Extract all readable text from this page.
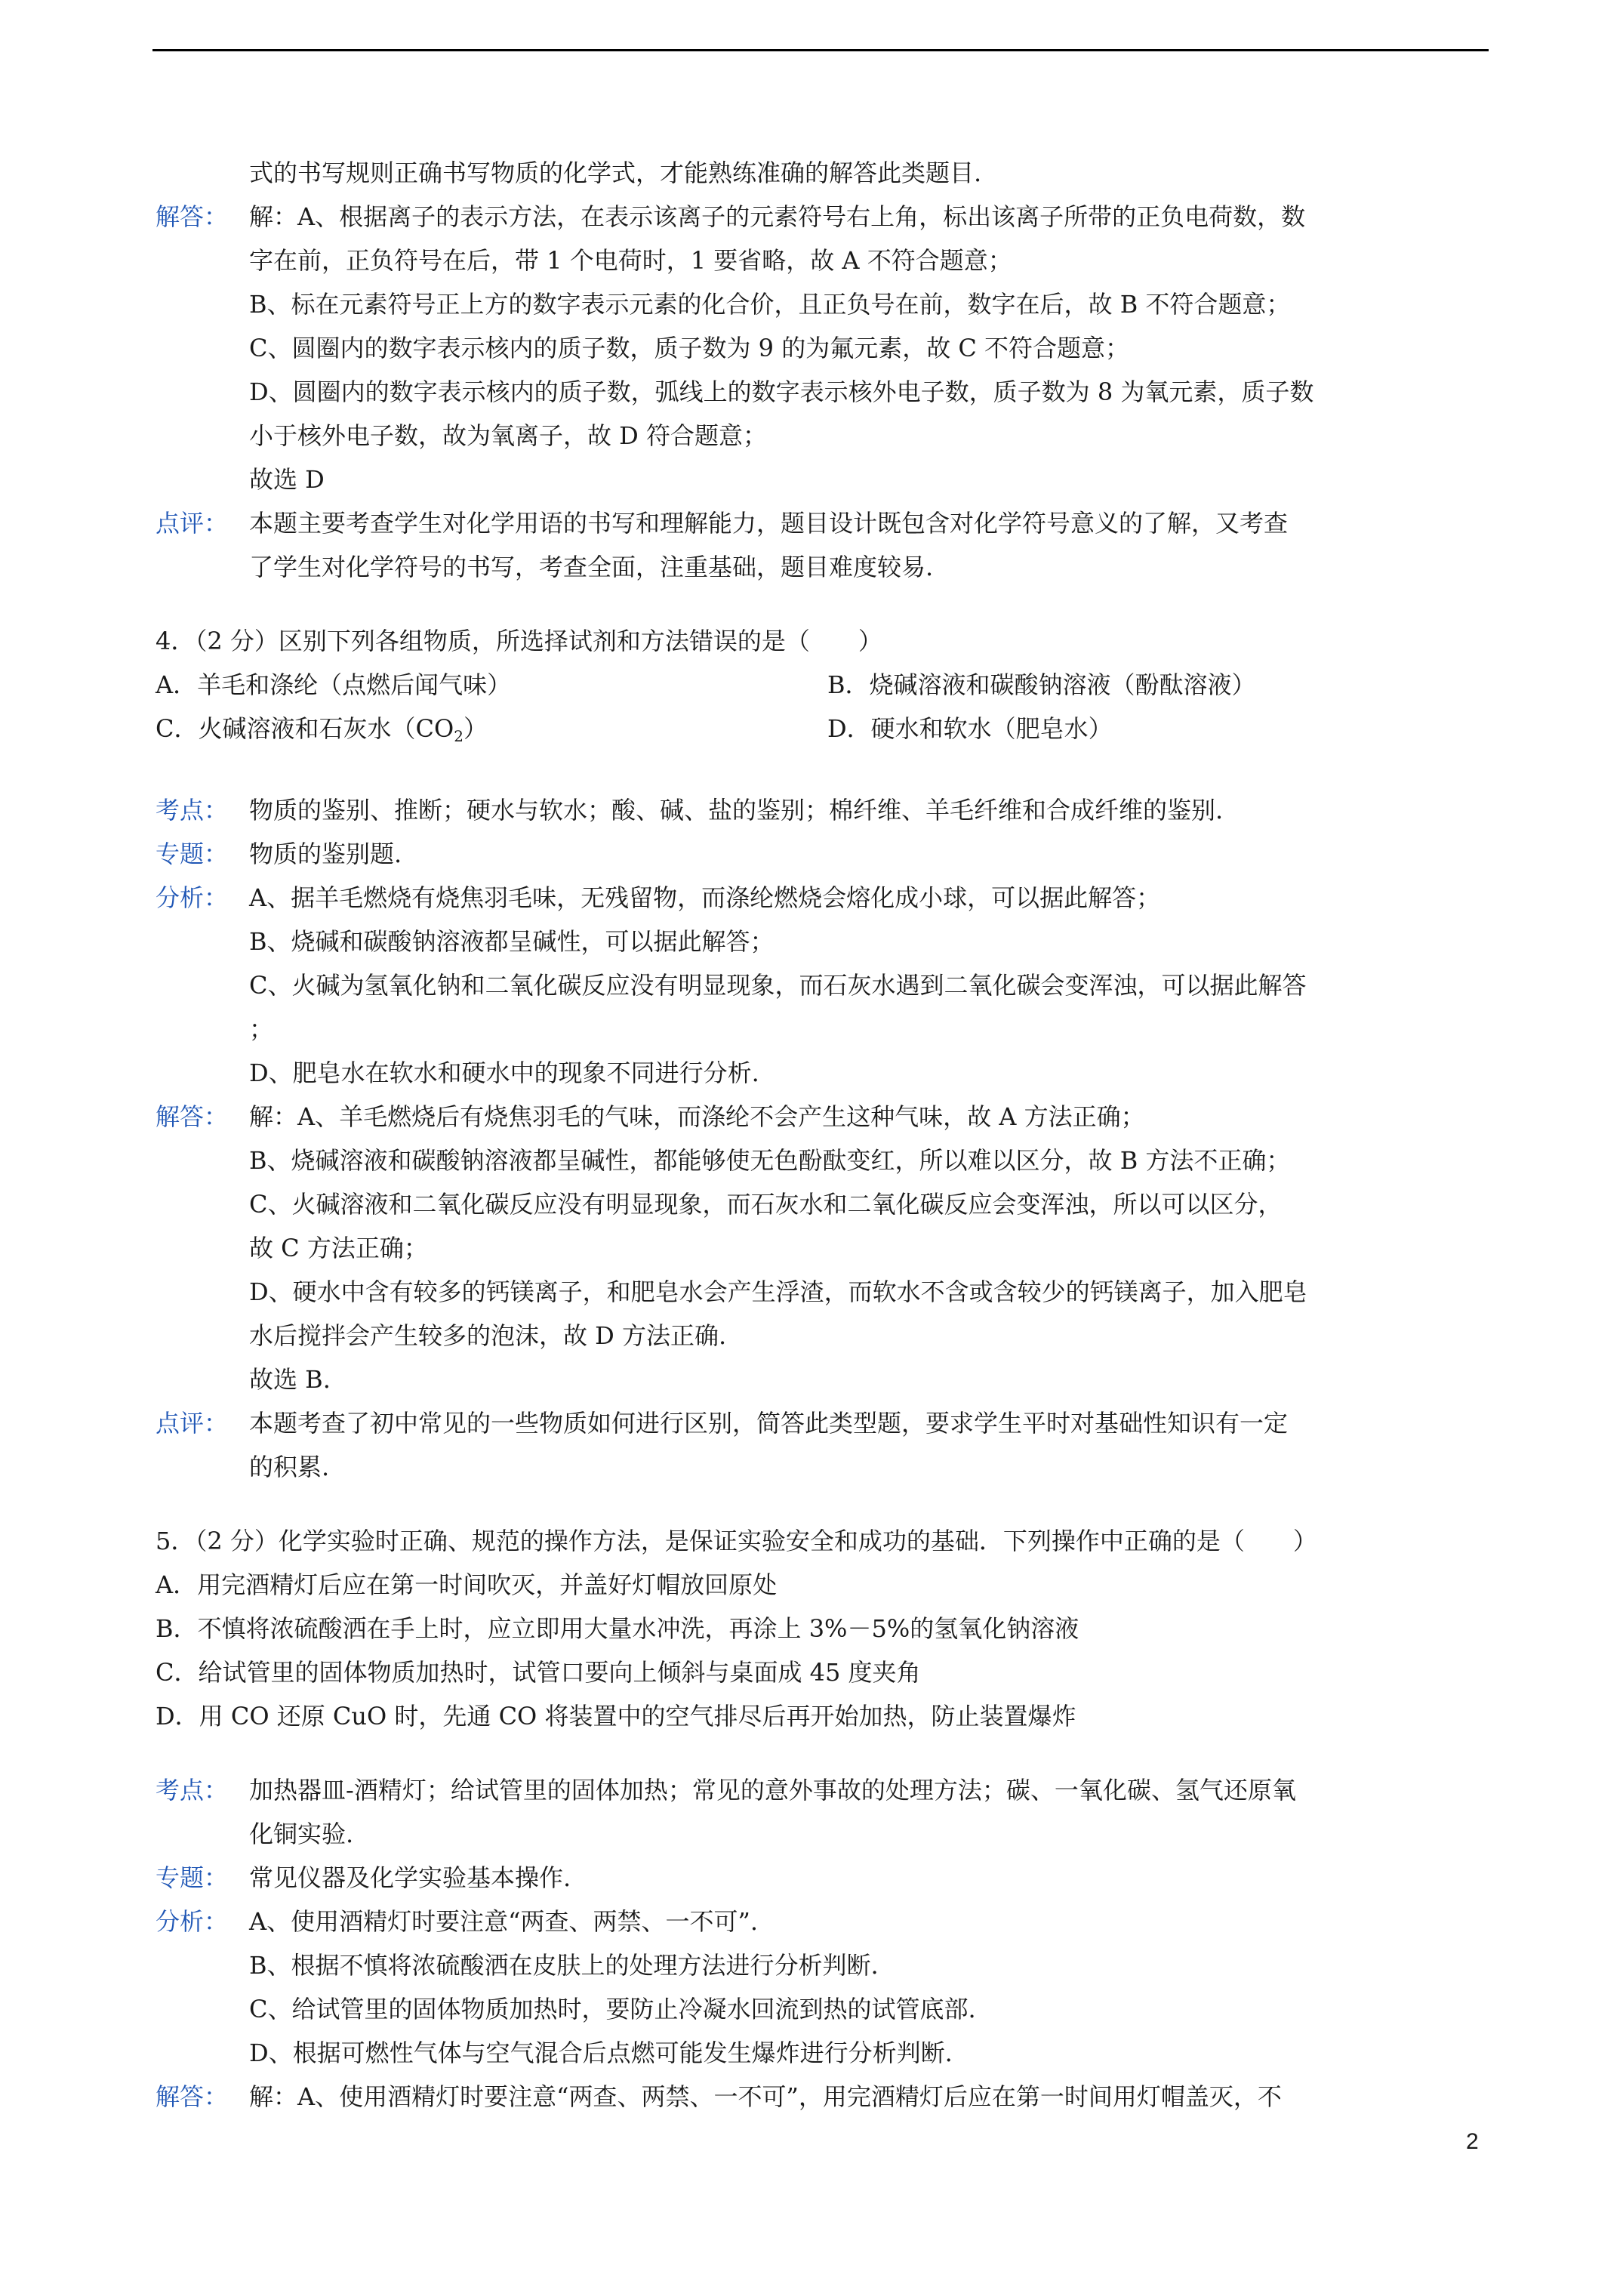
式的书写规则正确书写物质的化学式，才能熟练准确的解答此类题目.
解答： 解：A、根据离子的表示方法，在表示该离子的元素符号右上角，标出该离子所带的正负电荷数，数
字在前，正负符号在后，带 1 个电荷时，1 要省略，故 A 不符合题意；
B、标在元素符号正上方的数字表示元素的化合价，且正负号在前，数字在后，故 B 不符合题意；
C、圆圈内的数字表示核内的质子数，质子数为 9 的为氟元素，故 C 不符合题意；
D、圆圈内的数字表示核内的质子数，弧线上的数字表示核外电子数，质子数为 8 为氧元素，质子数
小于核外电子数，故为氧离子，故 D 符合题意；
故选 D
点评： 本题主要考查学生对化学用语的书写和理解能力，题目设计既包含对化学符号意义的了解，又考查
了学生对化学符号的书写，考查全面，注重基础，题目难度较易.
4．（2 分）区别下列各组物质，所选择试剂和方法错误的是（　　）
A．羊毛和涤纶（点燃后闻气味）	B．烧碱溶液和碳酸钠溶液（酚酞溶液）
C．火碱溶液和石灰水$(CO_2)$	D．硬水和软水（肥皂水）
考点： 物质的鉴别、推断；硬水与软水；酸、碱、盐的鉴别；棉纤维、羊毛纤维和合成纤维的鉴别.
专题： 物质的鉴别题.
分析： A、据羊毛燃烧有烧焦羽毛味，无残留物，而涤纶燃烧会熔化成小球，可以据此解答；
B、烧碱和碳酸钠溶液都呈碱性，可以据此解答；
C、火碱为氢氧化钠和二氧化碳反应没有明显现象，而石灰水遇到二氧化碳会变浑浊，可以据此解答
；
D、肥皂水在软水和硬水中的现象不同进行分析.
解答： 解：A、羊毛燃烧后有烧焦羽毛的气味，而涤纶不会产生这种气味，故 A 方法正确；
B、烧碱溶液和碳酸钠溶液都呈碱性，都能够使无色酚酞变红，所以难以区分，故 B 方法不正确；
C、火碱溶液和二氧化碳反应没有明显现象，而石灰水和二氧化碳反应会变浑浊，所以可以区分，
故 C 方法正确；
D、硬水中含有较多的钙镁离子，和肥皂水会产生浮渣，而软水不含或含较少的钙镁离子，加入肥皂
水后搅拌会产生较多的泡沫，故 D 方法正确.
故选 B.
点评： 本题考查了初中常见的一些物质如何进行区别，简答此类型题，要求学生平时对基础性知识有一定
的积累.
5．（2 分）化学实验时正确、规范的操作方法，是保证实验安全和成功的基础．下列操作中正确的是（　　）
A．用完酒精灯后应在第一时间吹灭，并盖好灯帽放回原处
B．不慎将浓硫酸洒在手上时，应立即用大量水冲洗，再涂上 3%－5%的氢氧化钠溶液
C．给试管里的固体物质加热时，试管口要向上倾斜与桌面成 45 度夹角
D．用 CO 还原 CuO 时，先通 CO 将装置中的空气排尽后再开始加热，防止装置爆炸
考点： 加热器皿-酒精灯；给试管里的固体加热；常见的意外事故的处理方法；碳、一氧化碳、氢气还原氧
化铜实验.
专题： 常见仪器及化学实验基本操作.
分析： A、使用酒精灯时要注意“两查、两禁、一不可”.
B、根据不慎将浓硫酸洒在皮肤上的处理方法进行分析判断.
C、给试管里的固体物质加热时，要防止冷凝水回流到热的试管底部.
D、根据可燃性气体与空气混合后点燃可能发生爆炸进行分析判断.
解答： 解：A、使用酒精灯时要注意“两查、两禁、一不可”，用完酒精灯后应在第一时间用灯帽盖灭，不
2
